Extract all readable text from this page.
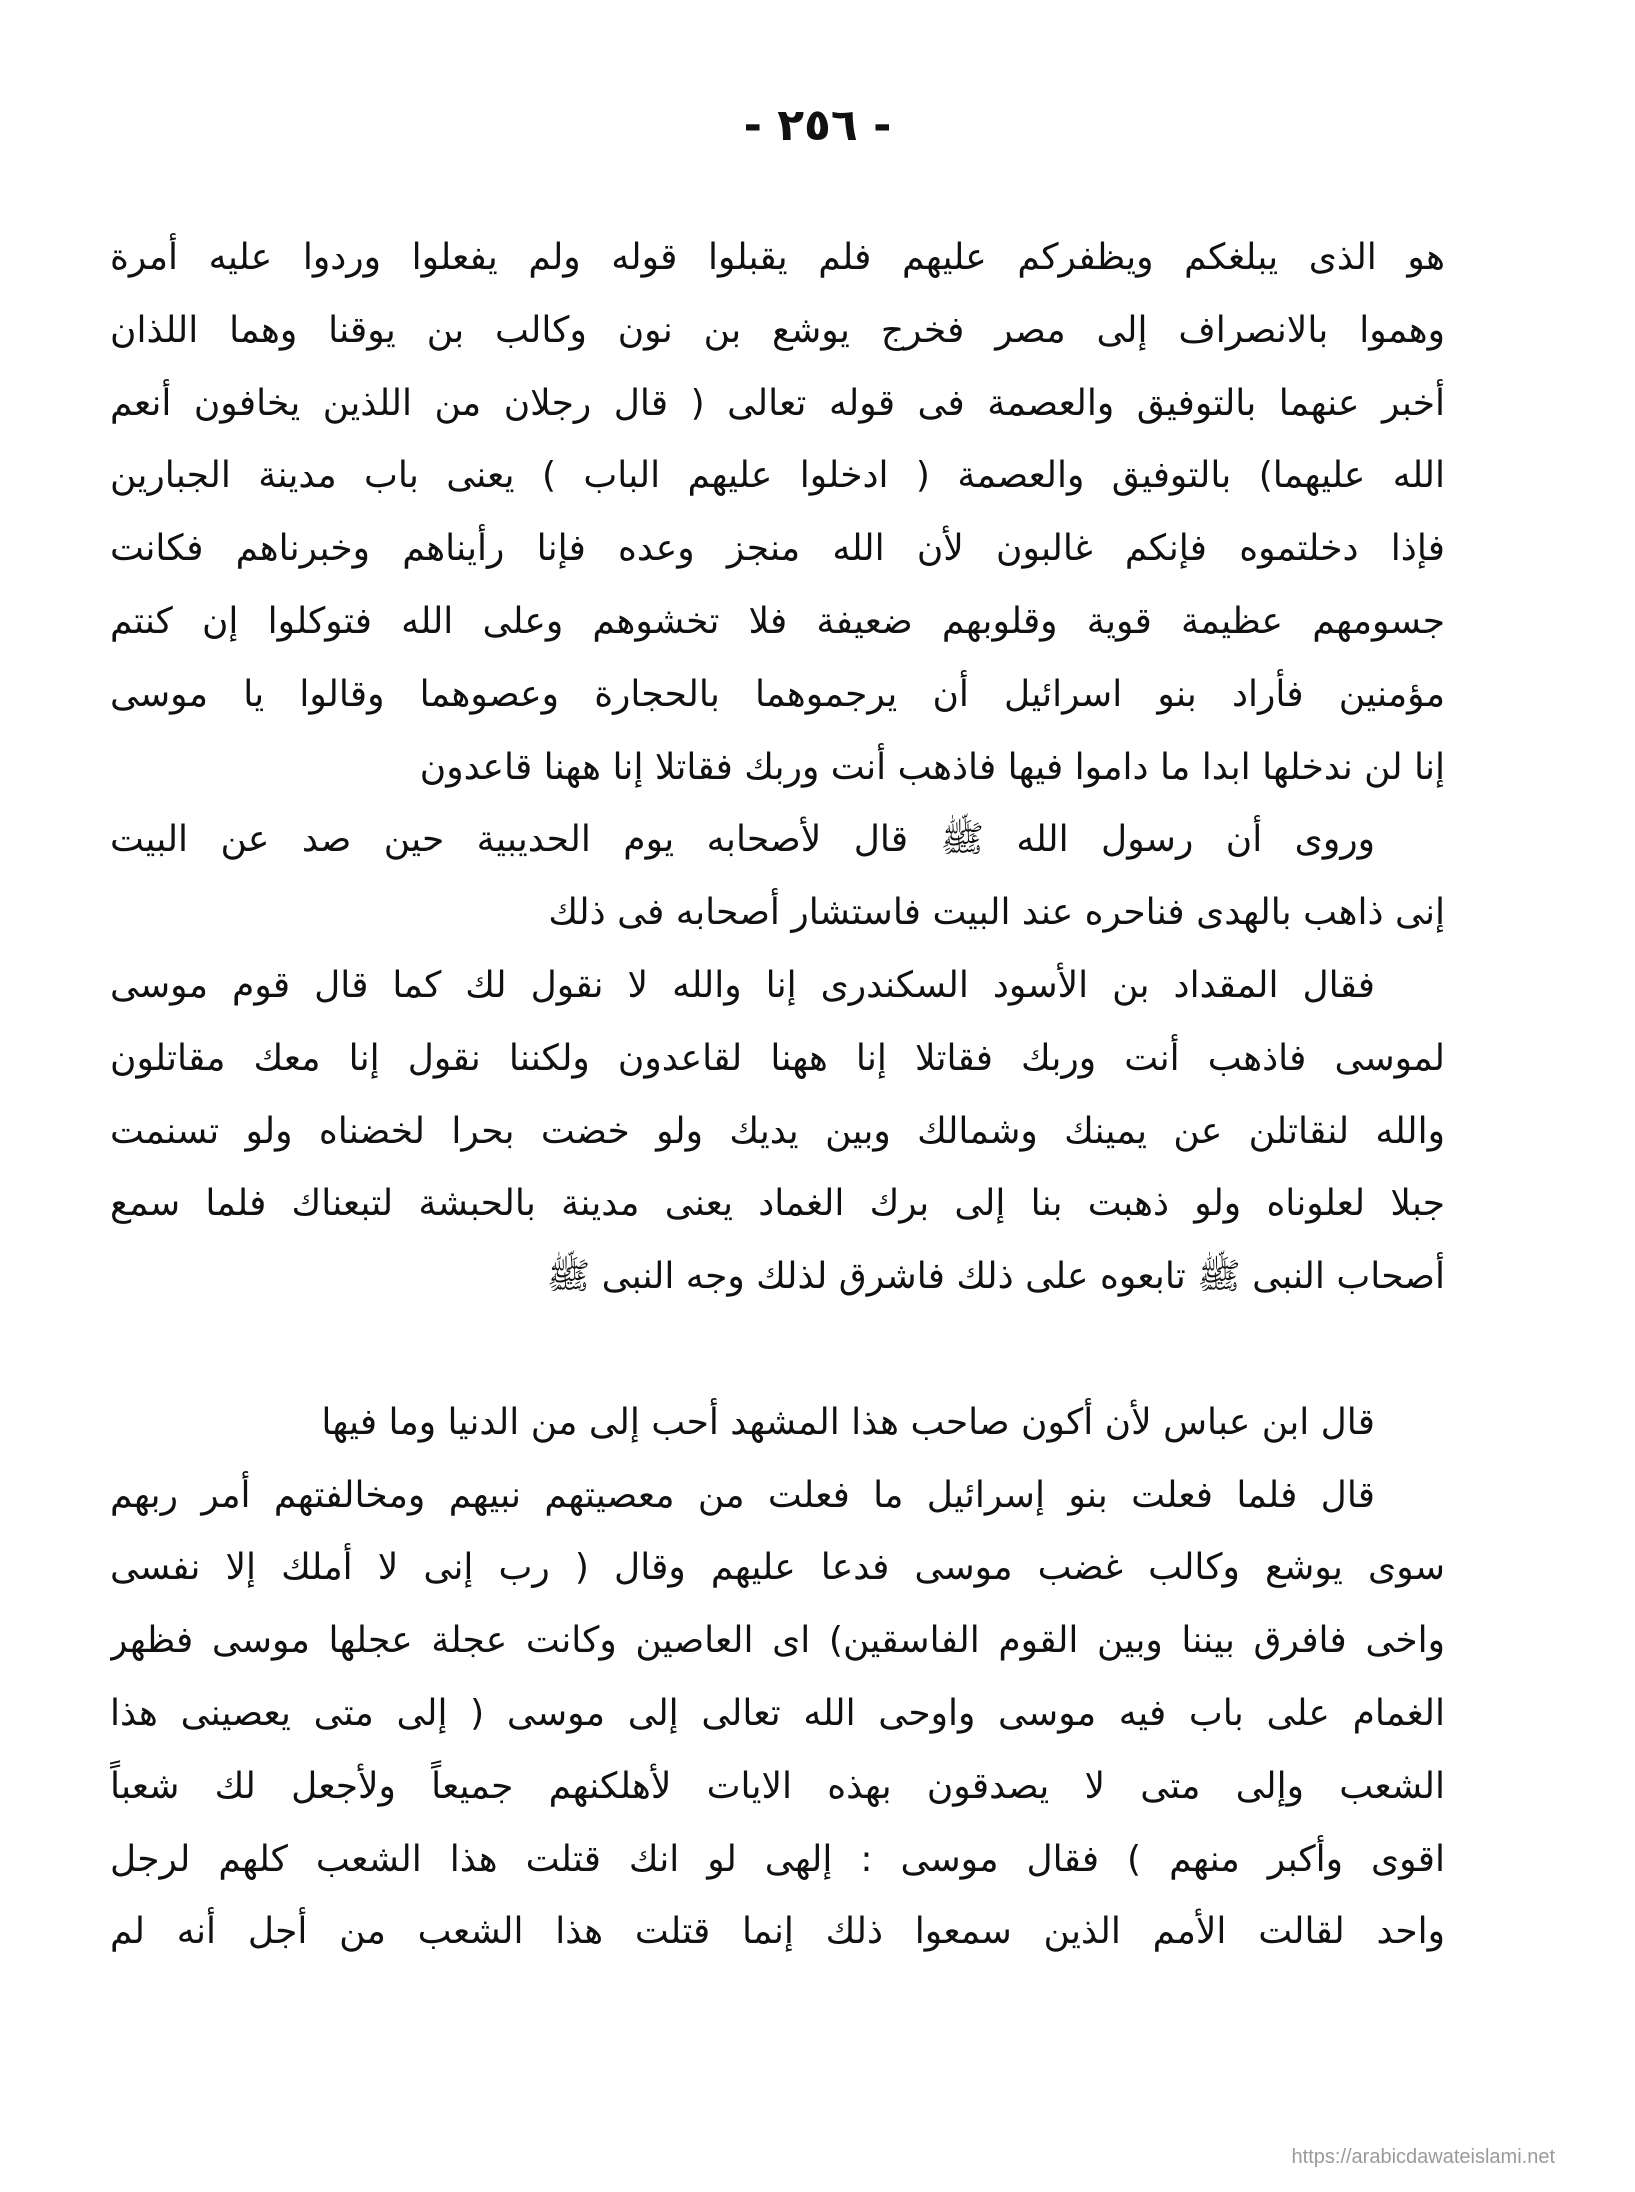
- ٢٥٦ -
هو الذى يبلغكم ويظفركم عليهم فلم يقبلوا قوله ولم يفعلوا وردوا عليه أمرة
وهموا بالانصراف إلى مصر فخرج يوشع بن نون وكالب بن يوقنا وهما اللذان
أخبر عنهما بالتوفيق والعصمة فى قوله تعالى ( قال رجلان من اللذين يخافون أنعم
الله عليهما) بالتوفيق والعصمة ( ادخلوا عليهم الباب ) يعنى باب مدينة الجبارين
فإذا دخلتموه فإنكم غالبون لأن الله منجز وعده فإنا رأيناهم وخبرناهم فكانت
جسومهم عظيمة قوية وقلوبهم ضعيفة فلا تخشوهم وعلى الله فتوكلوا إن كنتم
مؤمنين فأراد بنو اسرائيل أن يرجموهما بالحجارة وعصوهما وقالوا يا موسى
إنا لن ندخلها ابدا ما داموا فيها فاذهب أنت وربك فقاتلا إنا ههنا قاعدون
وروى أن رسول الله ﷺ قال لأصحابه يوم الحديبية حين صد عن البيت
إنى ذاهب بالهدى فناحره عند البيت فاستشار أصحابه فى ذلك
فقال المقداد بن الأسود السكندرى إنا والله لا نقول لك كما قال قوم موسى
لموسى فاذهب أنت وربك فقاتلا إنا ههنا لقاعدون ولكننا نقول إنا معك مقاتلون
والله لنقاتلن عن يمينك وشمالك وبين يديك ولو خضت بحرا لخضناه ولو تسنمت
جبلا لعلوناه ولو ذهبت بنا إلى برك الغماد يعنى مدينة بالحبشة لتبعناك فلما سمع
أصحاب النبى ﷺ تابعوه على ذلك فاشرق لذلك وجه النبى ﷺ
قال ابن عباس لأن أكون صاحب هذا المشهد أحب إلى من الدنيا وما فيها
قال فلما فعلت بنو إسرائيل ما فعلت من معصيتهم نبيهم ومخالفتهم أمر ربهم
سوى يوشع وكالب غضب موسى فدعا عليهم وقال ( رب إنى لا أملك إلا نفسى
واخى فافرق بيننا وبين القوم الفاسقين) اى العاصين وكانت عجلة عجلها موسى فظهر
الغمام على باب فيه موسى واوحى الله تعالى إلى موسى ( إلى متى يعصينى هذا
الشعب وإلى متى لا يصدقون بهذه الايات لأهلكنهم جميعاً ولأجعل لك شعباً
اقوى وأكبر منهم ) فقال موسى : إلهى لو انك قتلت هذا الشعب كلهم لرجل
واحد لقالت الأمم الذين سمعوا ذلك إنما قتلت هذا الشعب من أجل أنه لم
https://arabicdawateislami.net
